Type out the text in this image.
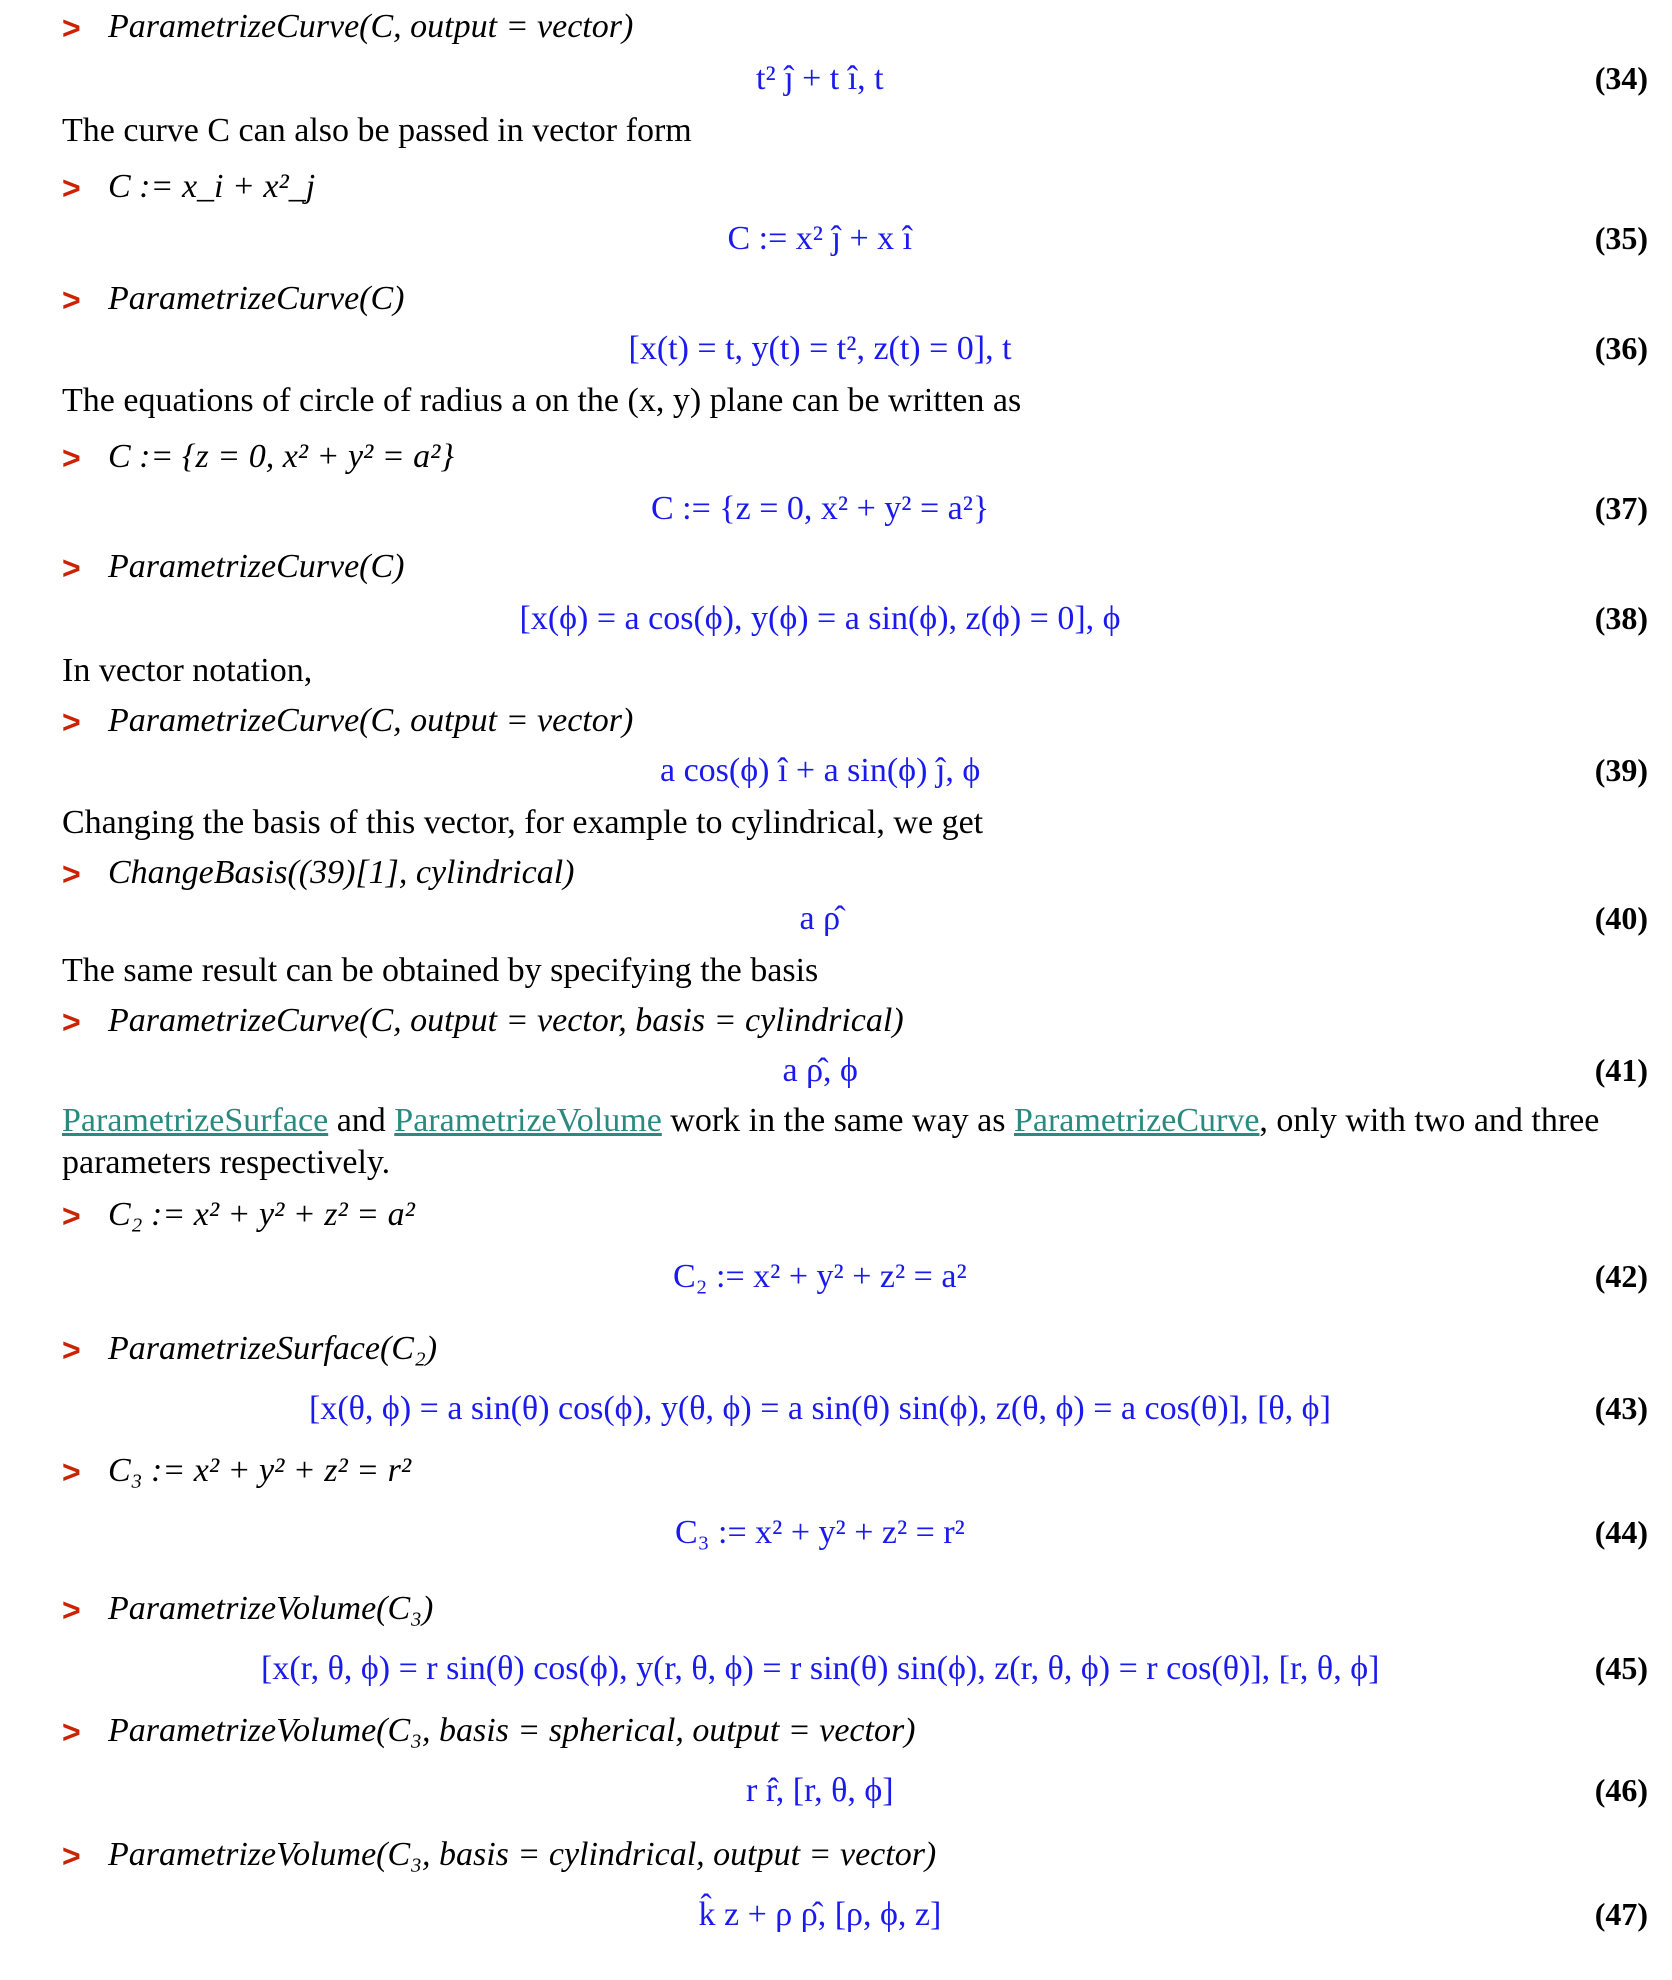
> ParametrizeCurve(C, output = vector)
t² ĵ + t î, t	(34)
The curve C can also be passed in vector form
> C := x_i + x²_j
C := x² ĵ + x î	(35)
> ParametrizeCurve(C)
[x(t) = t, y(t) = t², z(t) = 0], t	(36)
The equations of circle of radius a on the (x, y) plane can be written as
> C := {z = 0, x² + y² = a²}
C := {z = 0, x² + y² = a²}	(37)
> ParametrizeCurve(C)
[x(ϕ) = a cos(ϕ), y(ϕ) = a sin(ϕ), z(ϕ) = 0], ϕ	(38)
In vector notation,
> ParametrizeCurve(C, output = vector)
a cos(ϕ) î + a sin(ϕ) ĵ, ϕ	(39)
Changing the basis of this vector, for example to cylindrical, we get
> ChangeBasis((39)[1], cylindrical)
a ρ̂	(40)
The same result can be obtained by specifying the basis
> ParametrizeCurve(C, output = vector, basis = cylindrical)
a ρ̂, ϕ	(41)
> C₂ := x² + y² + z² = a²
C₂ := x² + y² + z² = a²	(42)
> ParametrizeSurface(C₂)
[x(θ, ϕ) = a sin(θ) cos(ϕ), y(θ, ϕ) = a sin(θ) sin(ϕ), z(θ, ϕ) = a cos(θ)], [θ, ϕ]	(43)
> C₃ := x² + y² + z² = r²
C₃ := x² + y² + z² = r²	(44)
> ParametrizeVolume(C₃)
[x(r, θ, ϕ) = r sin(θ) cos(ϕ), y(r, θ, ϕ) = r sin(θ) sin(ϕ), z(r, θ, ϕ) = r cos(θ)], [r, θ, ϕ]	(45)
> ParametrizeVolume(C₃, basis = spherical, output = vector)
r r̂, [r, θ, ϕ]	(46)
> ParametrizeVolume(C₃, basis = cylindrical, output = vector)
k̂ z + ρ ρ̂, [ρ, ϕ, z]	(47)
ParametrizeSurface and ParametrizeVolume work in the same way as ParametrizeCurve, only with two and three parameters respectively.
